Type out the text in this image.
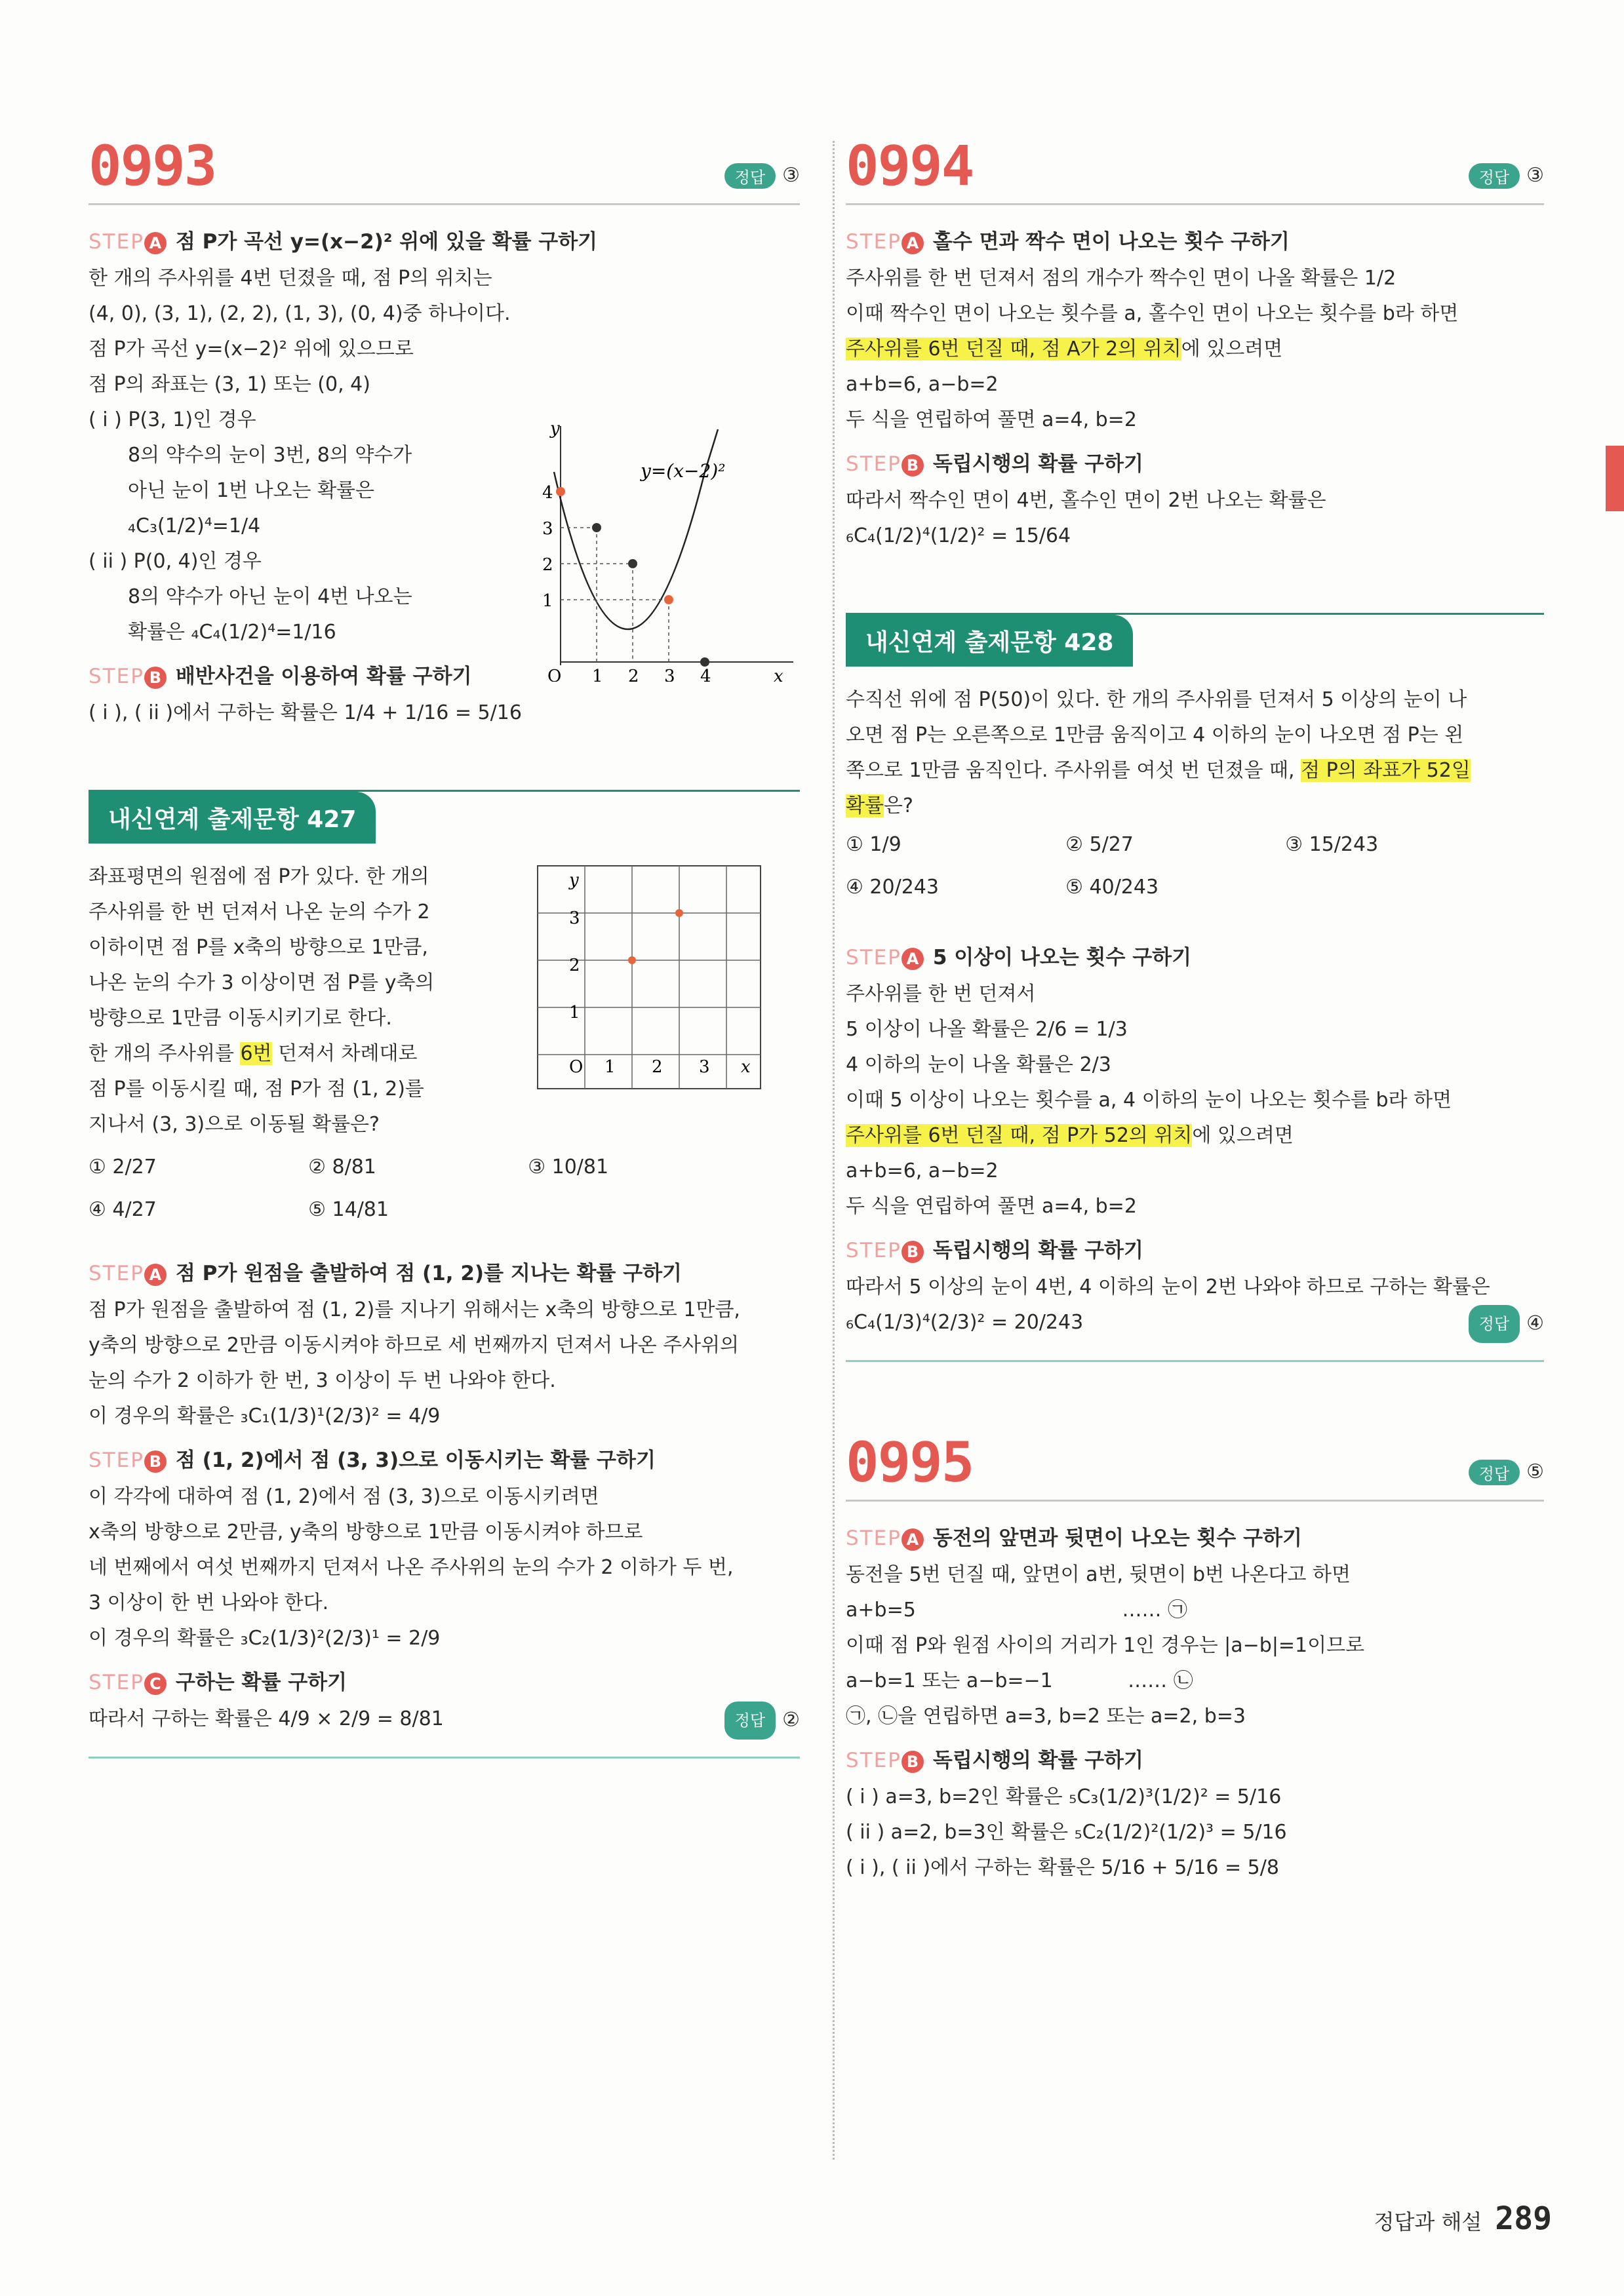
0993	정답 ③
STEP A 점 P가 곡선 y=(x−2)² 위에 있을 확률 구하기
한 개의 주사위를 4번 던졌을 때, 점 P의 위치는
(4, 0), (3, 1), (2, 2), (1, 3), (0, 4)중 하나이다.
점 P가 곡선 y=(x−2)² 위에 있으므로
점 P의 좌표는 (3, 1) 또는 (0, 4)
( i ) P(3, 1)인 경우
8의 약수의 눈이 3번, 8의 약수가
아닌 눈이 1번 나오는 확률은
₄C₃(1/2)⁴=1/4
( ii ) P(0, 4)인 경우
8의 약수가 아닌 눈이 4번 나오는
확률은 ₄C₄(1/2)⁴=1/16
y=(x−2)²
4
3
2
1
O 1 2 3 4	x
y
STEP B 배반사건을 이용하여 확률 구하기
( i ), ( ii )에서 구하는 확률은 1/4 + 1/16 = 5/16
내신연계 출제문항 427
좌표평면의 원점에 점 P가 있다. 한 개의
주사위를 한 번 던져서 나온 눈의 수가 2
이하이면 점 P를 x축의 방향으로 1만큼,
나온 눈의 수가 3 이상이면 점 P를 y축의
방향으로 1만큼 이동시키기로 한다.
한 개의 주사위를 6번 던져서 차례대로
점 P를 이동시킬 때, 점 P가 점 (1, 2)를
지나서 (3, 3)으로 이동될 확률은?
y
3
2
1
O 1 2 3 x
① 2/27	② 8/81	③ 10/81
④ 4/27	⑤ 14/81
STEP A 점 P가 원점을 출발하여 점 (1, 2)를 지나는 확률 구하기
점 P가 원점을 출발하여 점 (1, 2)를 지나기 위해서는 x축의 방향으로 1만큼,
y축의 방향으로 2만큼 이동시켜야 하므로 세 번째까지 던져서 나온 주사위의
눈의 수가 2 이하가 한 번, 3 이상이 두 번 나와야 한다.
이 경우의 확률은 ₃C₁(1/3)¹(2/3)² = 4/9
STEP B 점 (1, 2)에서 점 (3, 3)으로 이동시키는 확률 구하기
이 각각에 대하여 점 (1, 2)에서 점 (3, 3)으로 이동시키려면
x축의 방향으로 2만큼, y축의 방향으로 1만큼 이동시켜야 하므로
네 번째에서 여섯 번째까지 던져서 나온 주사위의 눈의 수가 2 이하가 두 번,
3 이상이 한 번 나와야 한다.
이 경우의 확률은 ₃C₂(1/3)²(2/3)¹ = 2/9
STEP C 구하는 확률 구하기
따라서 구하는 확률은 4/9 × 2/9 = 8/81	정답 ②
0994	정답 ③
STEP A 홀수 면과 짝수 면이 나오는 횟수 구하기
주사위를 한 번 던져서 점의 개수가 짝수인 면이 나올 확률은 1/2
이때 짝수인 면이 나오는 횟수를 a, 홀수인 면이 나오는 횟수를 b라 하면
주사위를 6번 던질 때, 점 A가 2의 위치에 있으려면
a+b=6, a−b=2
두 식을 연립하여 풀면 a=4, b=2
STEP B 독립시행의 확률 구하기
따라서 짝수인 면이 4번, 홀수인 면이 2번 나오는 확률은
₆C₄(1/2)⁴(1/2)² = 15/64
내신연계 출제문항 428
수직선 위에 점 P(50)이 있다. 한 개의 주사위를 던져서 5 이상의 눈이 나
오면 점 P는 오른쪽으로 1만큼 움직이고 4 이하의 눈이 나오면 점 P는 왼
쪽으로 1만큼 움직인다. 주사위를 여섯 번 던졌을 때, 점 P의 좌표가 52일
확률은?
① 1/9	② 5/27	③ 15/243
④ 20/243	⑤ 40/243
STEP A 5 이상이 나오는 횟수 구하기
주사위를 한 번 던져서
5 이상이 나올 확률은 2/6 = 1/3
4 이하의 눈이 나올 확률은 2/3
이때 5 이상이 나오는 횟수를 a, 4 이하의 눈이 나오는 횟수를 b라 하면
주사위를 6번 던질 때, 점 P가 52의 위치에 있으려면
a+b=6, a−b=2
두 식을 연립하여 풀면 a=4, b=2
STEP B 독립시행의 확률 구하기
따라서 5 이상의 눈이 4번, 4 이하의 눈이 2번 나와야 하므로 구하는 확률은
₆C₄(1/3)⁴(2/3)² = 20/243	정답 ④
0995	정답 ⑤
STEP A 동전의 앞면과 뒷면이 나오는 횟수 구하기
동전을 5번 던질 때, 앞면이 a번, 뒷면이 b번 나온다고 하면
a+b=5                                 …… ㉠
이때 점 P와 원점 사이의 거리가 1인 경우는 |a−b|=1이므로
a−b=1 또는 a−b=−1            …… ㉡
㉠, ㉡을 연립하면 a=3, b=2 또는 a=2, b=3
STEP B 독립시행의 확률 구하기
( i ) a=3, b=2인 확률은 ₅C₃(1/2)³(1/2)² = 5/16
( ii ) a=2, b=3인 확률은 ₅C₂(1/2)²(1/2)³ = 5/16
( i ), ( ii )에서 구하는 확률은 5/16 + 5/16 = 5/8
정답과 해설 289
